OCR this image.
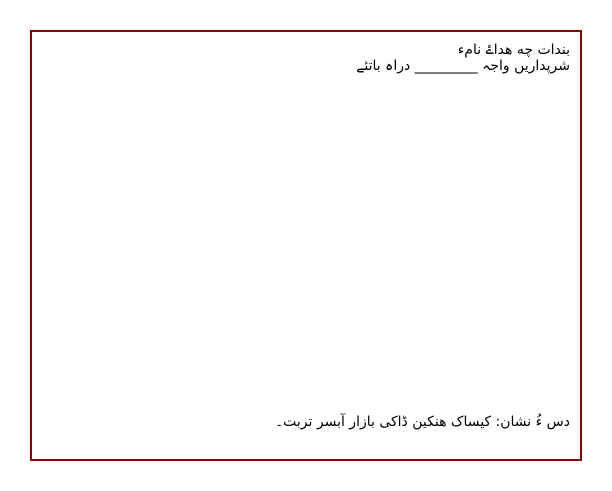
بندات چه هداۓ نامء
شرپداریں واجہ _________ دراہ باتئے
دس ءُ نشان: کیساک ھنکین ڈاکی بازار آبسر تربت۔
